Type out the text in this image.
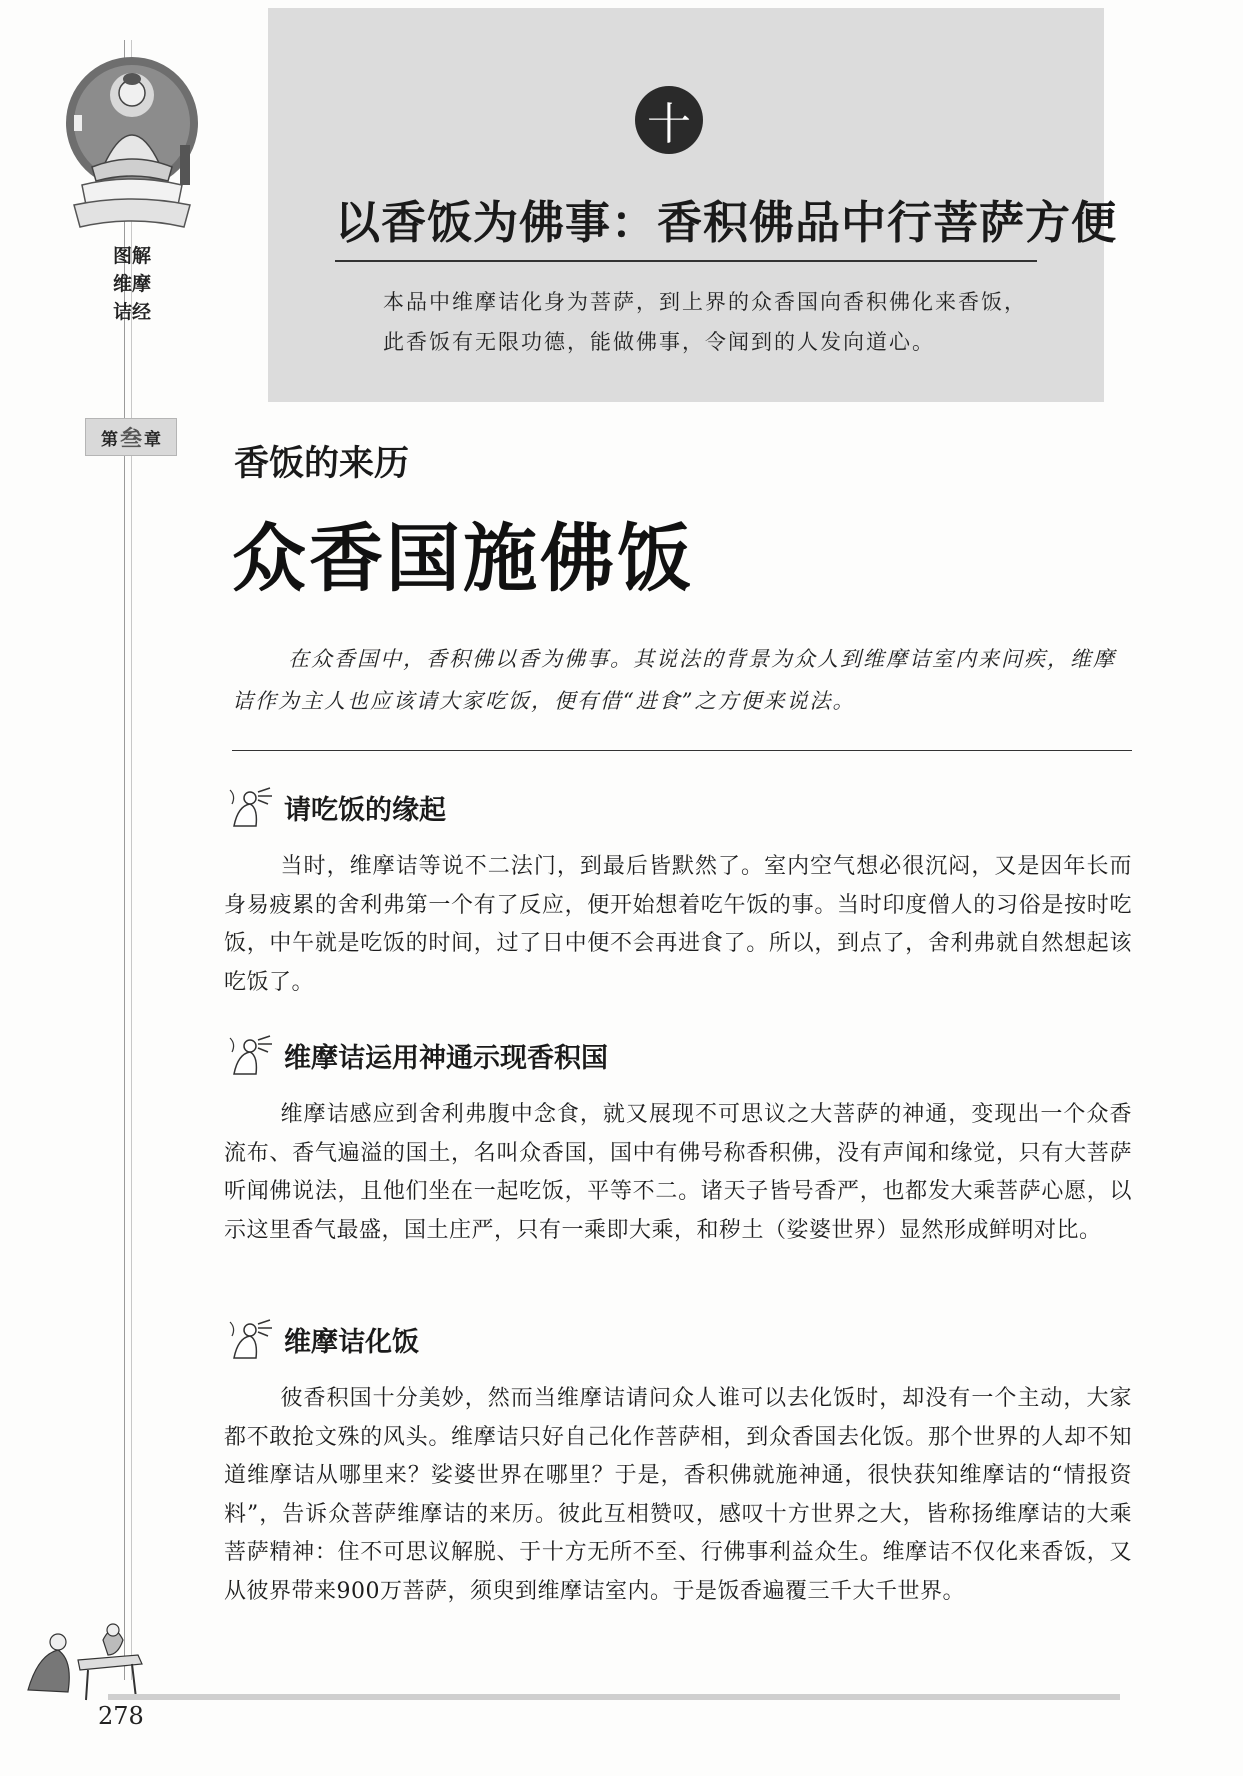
图解维摩诘经
第 叁 章
十
以香饭为佛事：香积佛品中行菩萨方便
本品中维摩诘化身为菩萨，到上界的众香国向香积佛化来香饭，此香饭有无限功德，能做佛事，令闻到的人发向道心。
香饭的来历
众香国施佛饭
在众香国中，香积佛以香为佛事。其说法的背景为众人到维摩诘室内来问疾，维摩诘作为主人也应该请大家吃饭，便有借“进食”之方便来说法。
请吃饭的缘起
当时，维摩诘等说不二法门，到最后皆默然了。室内空气想必很沉闷，又是因年长而身易疲累的舍利弗第一个有了反应，便开始想着吃午饭的事。当时印度僧人的习俗是按时吃饭，中午就是吃饭的时间，过了日中便不会再进食了。所以，到点了，舍利弗就自然想起该吃饭了。
维摩诘运用神通示现香积国
维摩诘感应到舍利弗腹中念食，就又展现不可思议之大菩萨的神通，变现出一个众香流布、香气遍溢的国土，名叫众香国，国中有佛号称香积佛，没有声闻和缘觉，只有大菩萨听闻佛说法，且他们坐在一起吃饭，平等不二。诸天子皆号香严，也都发大乘菩萨心愿，以示这里香气最盛，国土庄严，只有一乘即大乘，和秽土（娑婆世界）显然形成鲜明对比。
维摩诘化饭
彼香积国十分美妙，然而当维摩诘请问众人谁可以去化饭时，却没有一个主动，大家都不敢抢文殊的风头。维摩诘只好自己化作菩萨相，到众香国去化饭。那个世界的人却不知道维摩诘从哪里来？娑婆世界在哪里？于是，香积佛就施神通，很快获知维摩诘的“情报资料”，告诉众菩萨维摩诘的来历。彼此互相赞叹，感叹十方世界之大，皆称扬维摩诘的大乘菩萨精神：住不可思议解脱、于十方无所不至、行佛事利益众生。维摩诘不仅化来香饭，又从彼界带来900万菩萨，须臾到维摩诘室内。于是饭香遍覆三千大千世界。
278
